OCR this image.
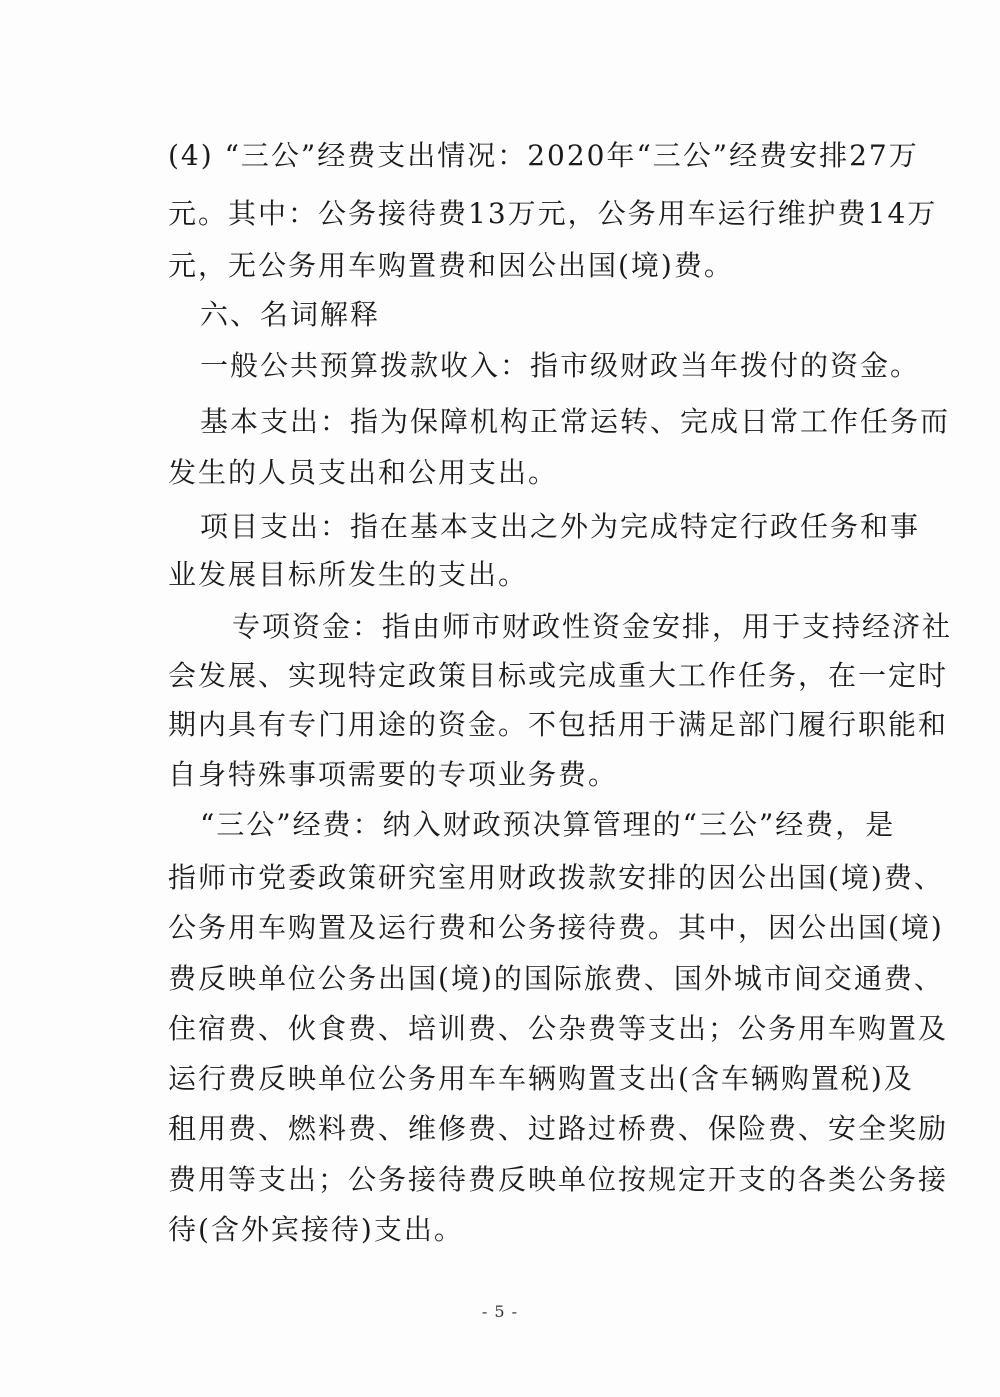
(4) “三公”经费支出情况：2020年“三公”经费安排27万
元。其中：公务接待费13万元，公务用车运行维护费14万
元，无公务用车购置费和因公出国(境)费。
六、名词解释
一般公共预算拨款收入：指市级财政当年拨付的资金。
基本支出：指为保障机构正常运转、完成日常工作任务而
发生的人员支出和公用支出。
项目支出：指在基本支出之外为完成特定行政任务和事
业发展目标所发生的支出。
专项资金：指由师市财政性资金安排，用于支持经济社
会发展、实现特定政策目标或完成重大工作任务，在一定时
期内具有专门用途的资金。不包括用于满足部门履行职能和
自身特殊事项需要的专项业务费。
“三公”经费：纳入财政预决算管理的“三公”经费，是
指师市党委政策研究室用财政拨款安排的因公出国(境)费、
公务用车购置及运行费和公务接待费。其中，因公出国(境)
费反映单位公务出国(境)的国际旅费、国外城市间交通费、
住宿费、伙食费、培训费、公杂费等支出；公务用车购置及
运行费反映单位公务用车车辆购置支出(含车辆购置税)及
租用费、燃料费、维修费、过路过桥费、保险费、安全奖励
费用等支出；公务接待费反映单位按规定开支的各类公务接
待(含外宾接待)支出。
- 5 -
